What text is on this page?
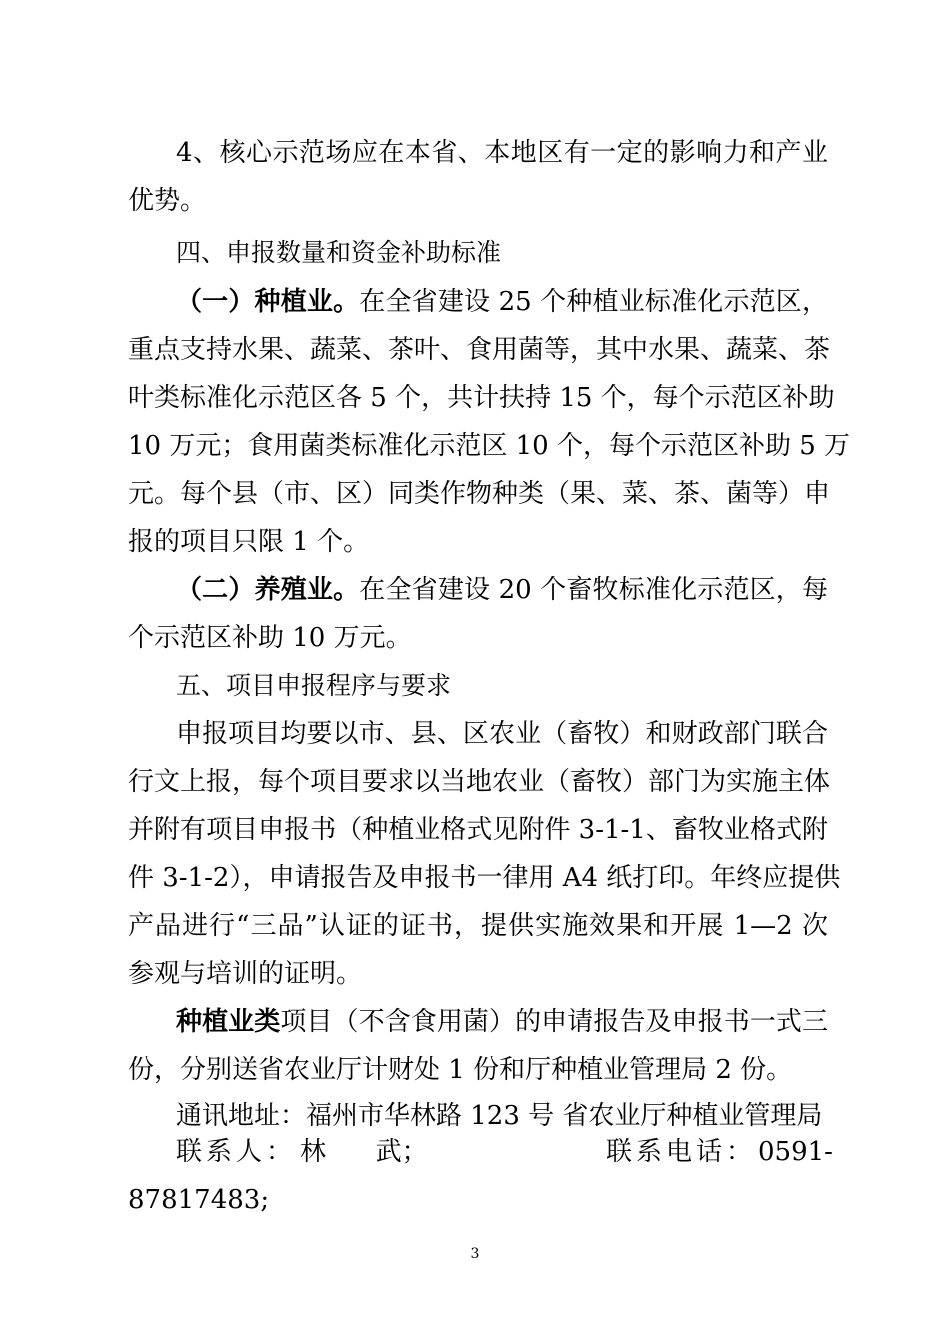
4、核心示范场应在本省、本地区有一定的影响力和产业
优势。
四、申报数量和资金补助标准
（一）种植业。在全省建设 25 个种植业标准化示范区，
重点支持水果、蔬菜、茶叶、食用菌等，其中水果、蔬菜、茶
叶类标准化示范区各 5 个，共计扶持 15 个，每个示范区补助
10 万元；食用菌类标准化示范区 10 个，每个示范区补助 5 万
元。每个县（市、区）同类作物种类（果、菜、茶、菌等）申
报的项目只限 1 个。
（二）养殖业。在全省建设 20 个畜牧标准化示范区，每
个示范区补助 10 万元。
五、项目申报程序与要求
申报项目均要以市、县、区农业（畜牧）和财政部门联合
行文上报，每个项目要求以当地农业（畜牧）部门为实施主体
并附有项目申报书（种植业格式见附件 3-1-1、畜牧业格式附
件 3-1-2），申请报告及申报书一律用 A4 纸打印。年终应提供
产品进行“三品”认证的证书，提供实施效果和开展 1—2 次
参观与培训的证明。
种植业类项目（不含食用菌）的申请报告及申报书一式三
份，分别送省农业厅计财处 1 份和厅种植业管理局 2 份。
通讯地址：福州市华林路 123 号 省农业厅种植业管理局
联系人： 林      武；	联系电话： 0591-
87817483;
3
